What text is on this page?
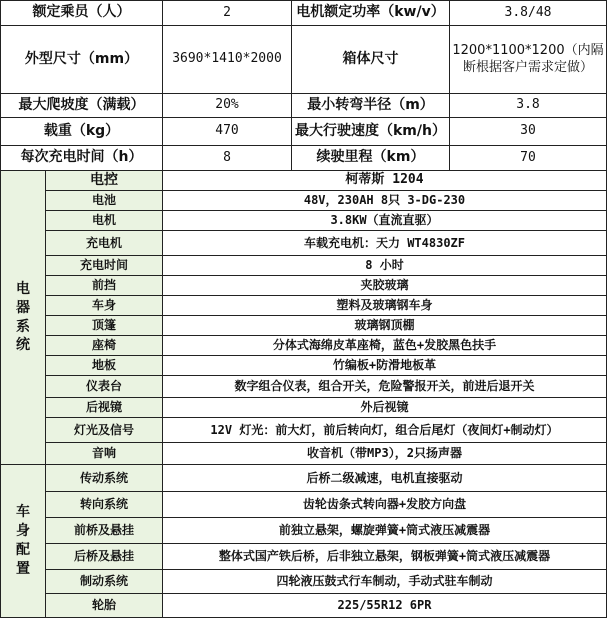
额定乘员（人）	2	电机额定功率（kw/v）	3.8/48
外型尺寸（mm）	3690*1410*2000	箱体尺寸	1200*1100*1200（内隔断根据客户需求定做）
最大爬坡度（满载）	20%	最小转弯半径（m）	3.8
载重（kg）	470	最大行驶速度（km/h）	30
每次充电时间（h）	8	续驶里程（km）	70
电器系统
电控	柯蒂斯 1204
电池	48V，230AH 8只 3-DG-230
电机	3.8KW（直流直驱）
充电机	车载充电机：天力 WT4830ZF
充电时间	8 小时
前挡	夹胶玻璃
车身	塑料及玻璃钢车身
顶篷	玻璃钢顶棚
座椅	分体式海绵皮革座椅，蓝色+发胶黑色扶手
地板	竹编板+防滑地板革
仪表台	数字组合仪表，组合开关，危险警报开关，前进后退开关
后视镜	外后视镜
灯光及信号	12V 灯光：前大灯，前后转向灯，组合后尾灯（夜间灯+制动灯）
音响	收音机（带MP3），2只扬声器
车身配置
传动系统	后桥二级减速，电机直接驱动
转向系统	齿轮齿条式转向器+发胶方向盘
前桥及悬挂	前独立悬架，螺旋弹簧+筒式液压减震器
后桥及悬挂	整体式国产铁后桥，后非独立悬架，钢板弹簧+筒式液压减震器
制动系统	四轮液压鼓式行车制动，手动式驻车制动
轮胎	225/55R12 6PR
